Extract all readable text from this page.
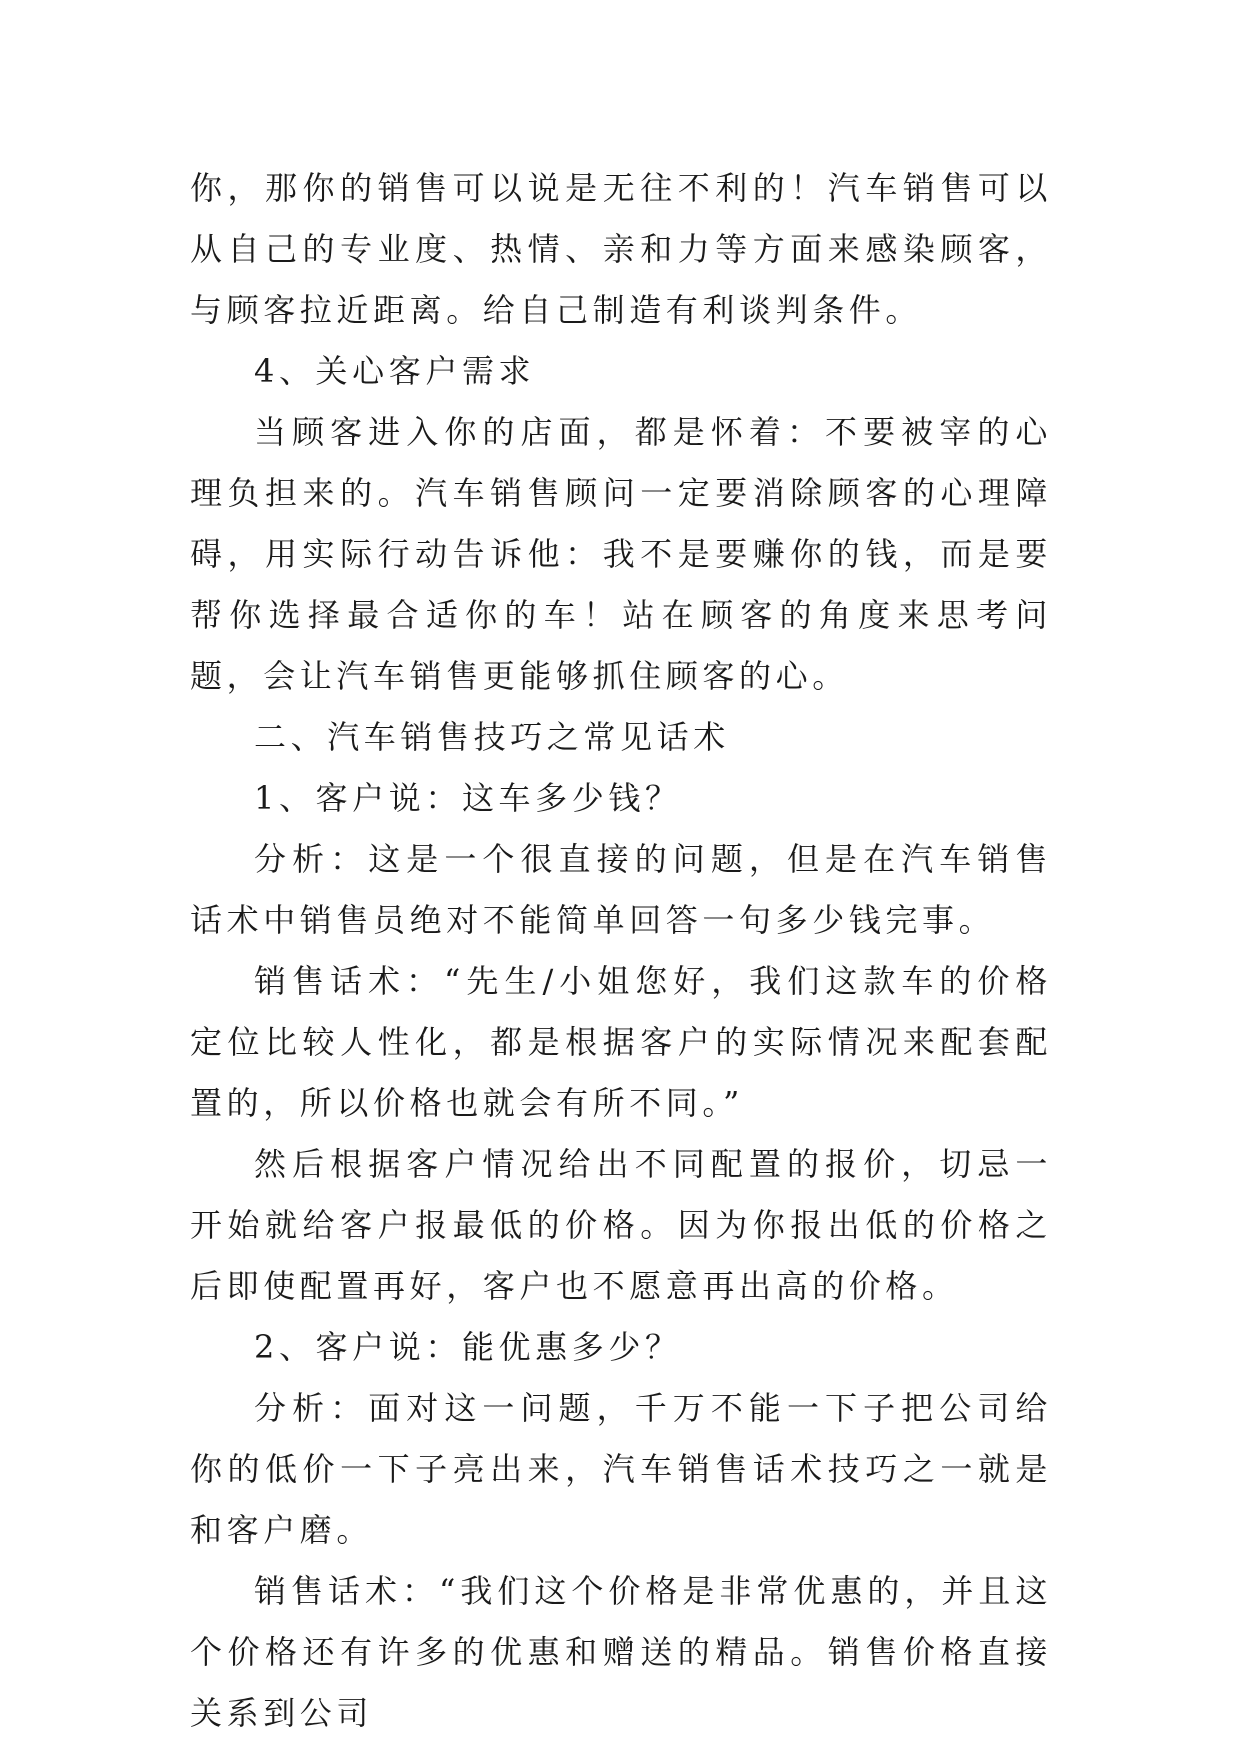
你，那你的销售可以说是无往不利的！汽车销售可以从自己的专业度、热情、亲和力等方面来感染顾客，与顾客拉近距离。给自己制造有利谈判条件。

4、关心客户需求

当顾客进入你的店面，都是怀着：不要被宰的心理负担来的。汽车销售顾问一定要消除顾客的心理障碍，用实际行动告诉他：我不是要赚你的钱，而是要帮你选择最合适你的车！站在顾客的角度来思考问题，会让汽车销售更能够抓住顾客的心。

二、汽车销售技巧之常见话术

1、客户说：这车多少钱？

分析：这是一个很直接的问题，但是在汽车销售话术中销售员绝对不能简单回答一句多少钱完事。

销售话术：“先生/小姐您好，我们这款车的价格定位比较人性化，都是根据客户的实际情况来配套配置的，所以价格也就会有所不同。”

然后根据客户情况给出不同配置的报价，切忌一开始就给客户报最低的价格。因为你报出低的价格之后即使配置再好，客户也不愿意再出高的价格。

2、客户说：能优惠多少？

分析：面对这一问题，千万不能一下子把公司给你的低价一下子亮出来，汽车销售话术技巧之一就是和客户磨。

销售话术：“我们这个价格是非常优惠的，并且这个价格还有许多的优惠和赠送的精品。销售价格直接关系到公司
